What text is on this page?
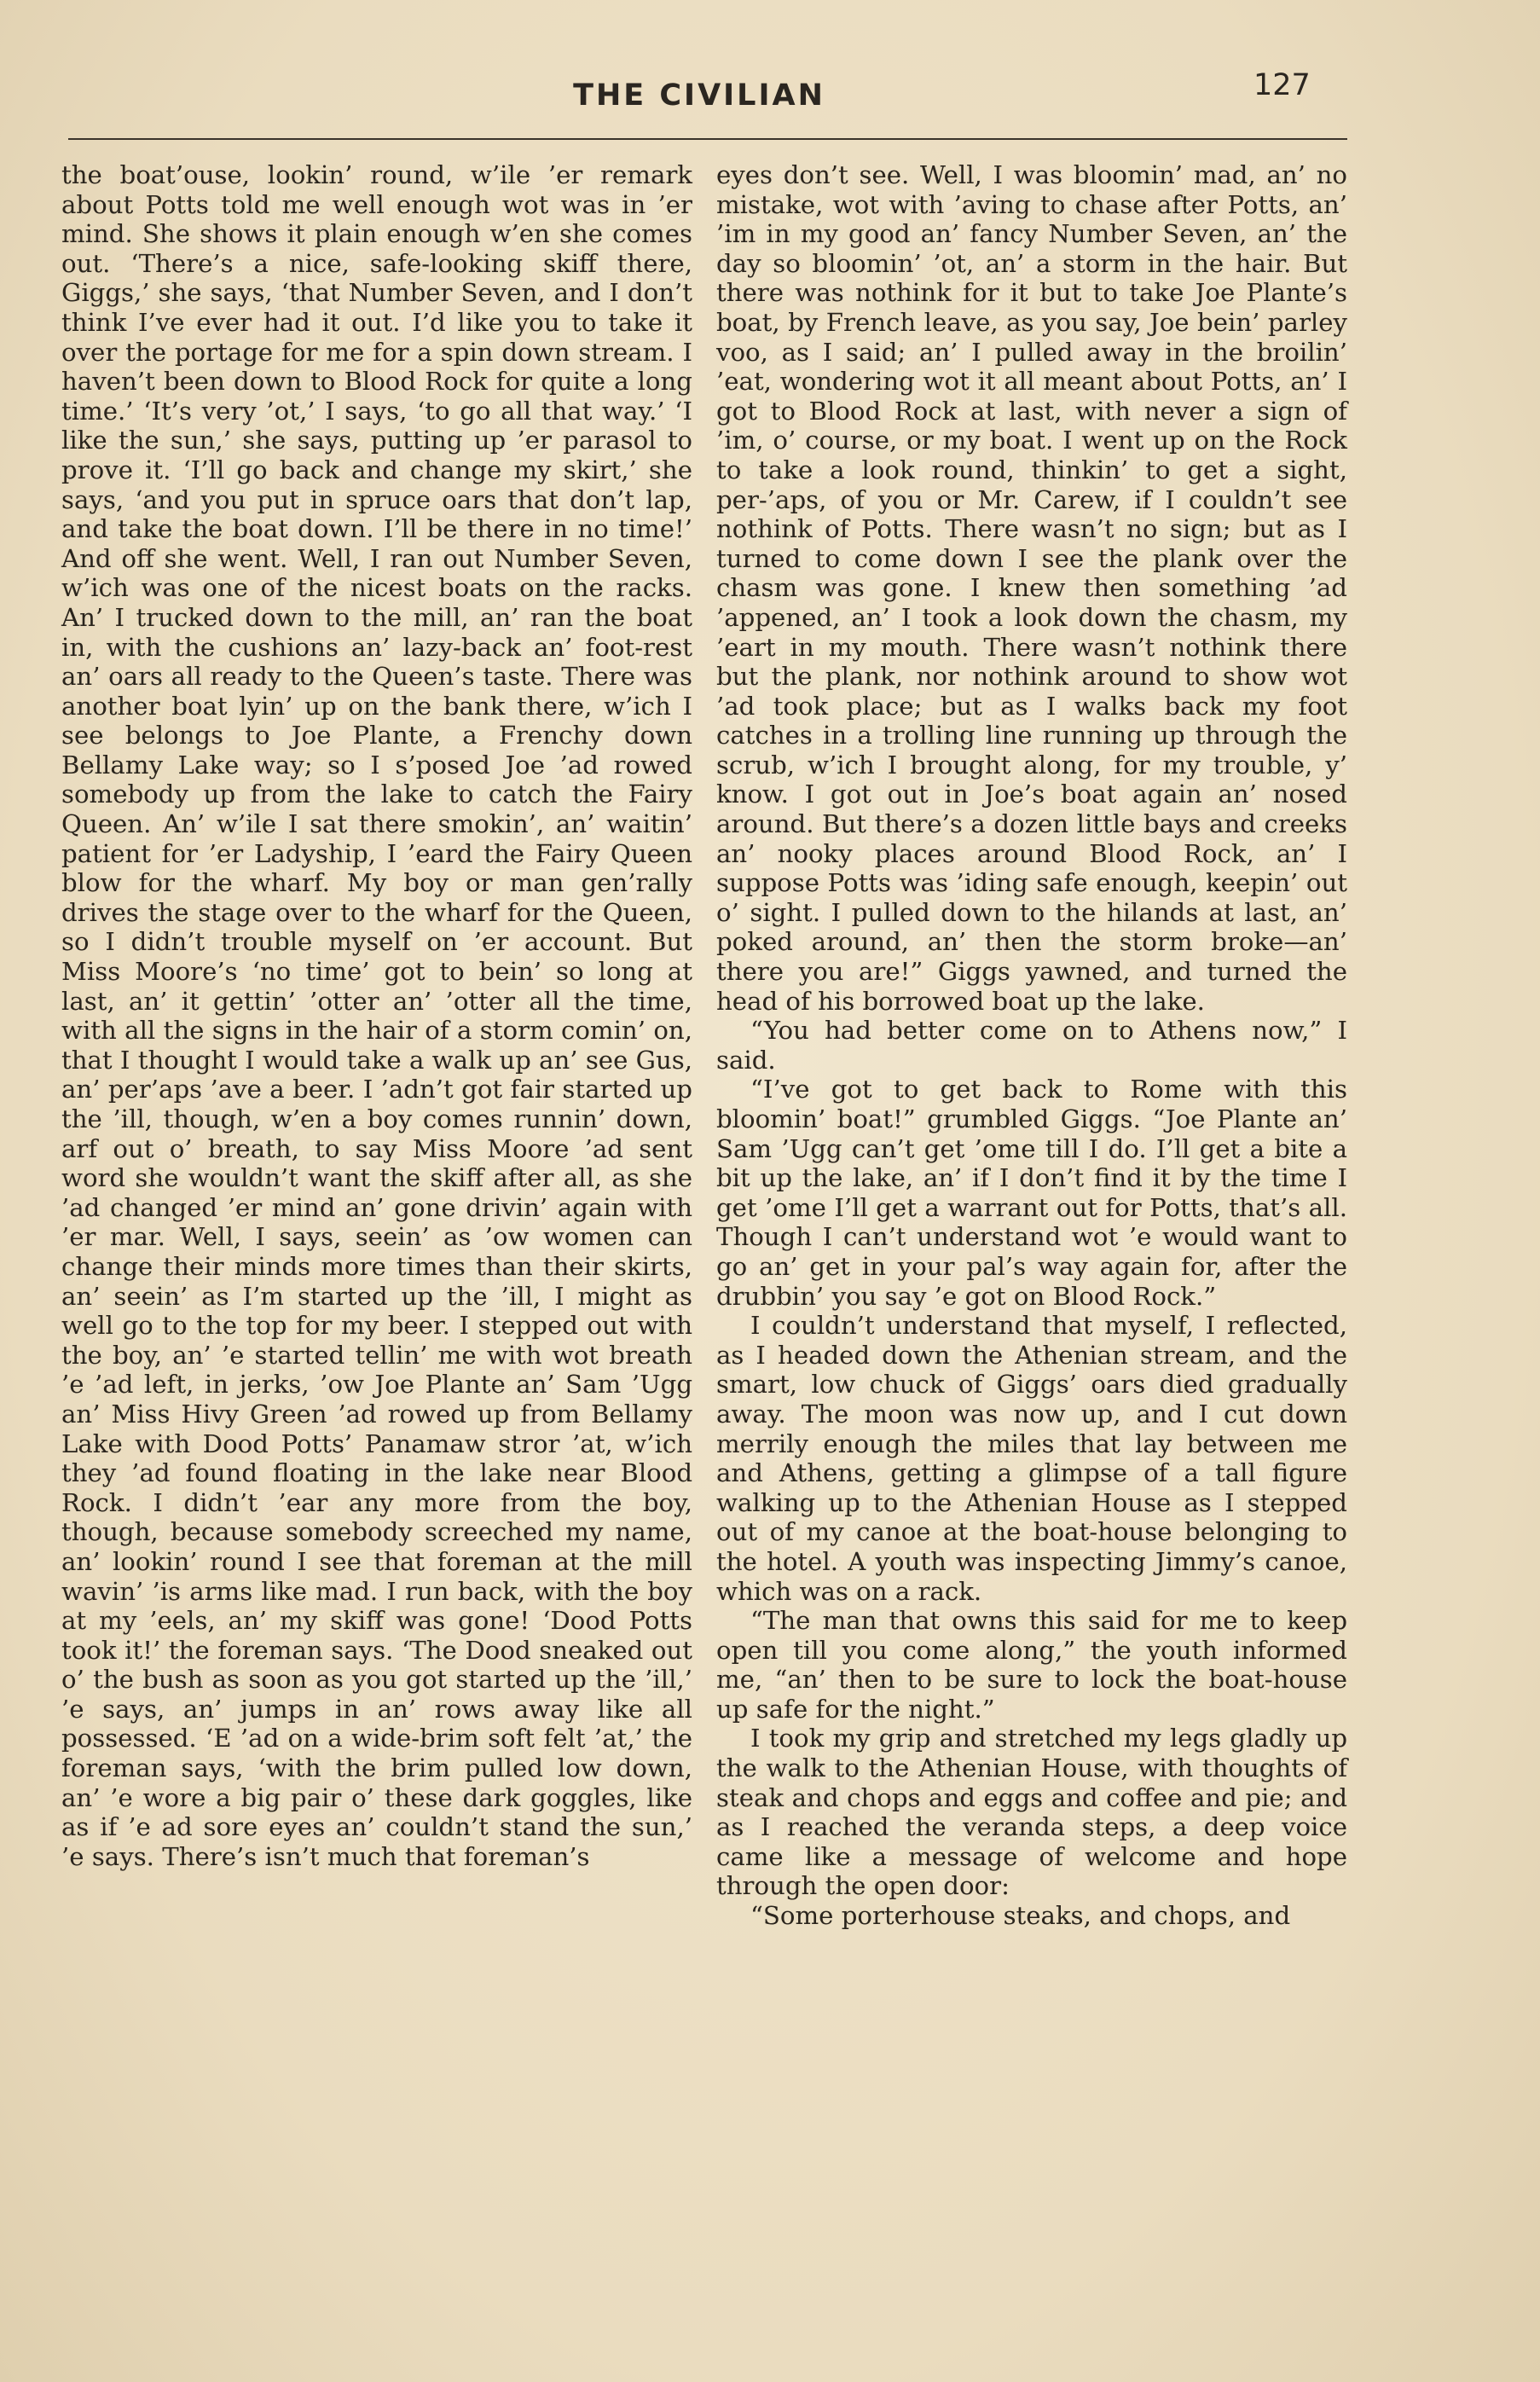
THE CIVILIAN	127

the boat’ouse, lookin’ round, w’ile ’er remark about Potts told me well enough wot was in ’er mind. She shows it plain enough w’en she comes out. ‘There’s a nice, safe-looking skiff there, Giggs,’ she says, ‘that Number Seven, and I don’t think I’ve ever had it out. I’d like you to take it over the portage for me for a spin down stream. I haven’t been down to Blood Rock for quite a long time.’ ‘It’s very ’ot,’ I says, ‘to go all that way.’ ‘I like the sun,’ she says, putting up ’er parasol to prove it. ‘I’ll go back and change my skirt,’ she says, ‘and you put in spruce oars that don’t lap, and take the boat down. I’ll be there in no time!’ And off she went. Well, I ran out Number Seven, w’ich was one of the nicest boats on the racks. An’ I trucked down to the mill, an’ ran the boat in, with the cushions an’ lazy-back an’ foot-rest an’ oars all ready to the Queen’s taste. There was another boat lyin’ up on the bank there, w’ich I see belongs to Joe Plante, a Frenchy down Bellamy Lake way; so I s’posed Joe ’ad rowed somebody up from the lake to catch the Fairy Queen. An’ w’ile I sat there smokin’, an’ waitin’ patient for ’er Ladyship, I ’eard the Fairy Queen blow for the wharf. My boy or man gen’rally drives the stage over to the wharf for the Queen, so I didn’t trouble myself on ’er account. But Miss Moore’s ‘no time’ got to bein’ so long at last, an’ it gettin’ ’otter an’ ’otter all the time, with all the signs in the hair of a storm comin’ on, that I thought I would take a walk up an’ see Gus, an’ per’aps ’ave a beer. I ’adn’t got fair started up the ’ill, though, w’en a boy comes runnin’ down, arf out o’ breath, to say Miss Moore ’ad sent word she wouldn’t want the skiff after all, as she ’ad changed ’er mind an’ gone drivin’ again with ’er mar. Well, I says, seein’ as ’ow women can change their minds more times than their skirts, an’ seein’ as I’m started up the ’ill, I might as well go to the top for my beer. I stepped out with the boy, an’ ’e started tellin’ me with wot breath ’e ’ad left, in jerks, ’ow Joe Plante an’ Sam ’Ugg an’ Miss Hivy Green ’ad rowed up from Bellamy Lake with Dood Potts’ Panamaw stror ’at, w’ich they ’ad found floating in the lake near Blood Rock. I didn’t ’ear any more from the boy, though, because somebody screeched my name, an’ lookin’ round I see that foreman at the mill wavin’ ’is arms like mad. I run back, with the boy at my ’eels, an’ my skiff was gone! ‘Dood Potts took it!’ the foreman says. ‘The Dood sneaked out o’ the bush as soon as you got started up the ’ill,’ ’e says, an’ jumps in an’ rows away like all possessed. ‘E ’ad on a wide-brim soft felt ’at,’ the foreman says, ‘with the brim pulled low down, an’ ’e wore a big pair o’ these dark goggles, like as if ’e ad sore eyes an’ couldn’t stand the sun,’ ’e says. There’s isn’t much that foreman’s

eyes don’t see. Well, I was bloomin’ mad, an’ no mistake, wot with ’aving to chase after Potts, an’ ’im in my good an’ fancy Number Seven, an’ the day so bloomin’ ’ot, an’ a storm in the hair. But there was nothink for it but to take Joe Plante’s boat, by French leave, as you say, Joe bein’ parley voo, as I said; an’ I pulled away in the broilin’ ’eat, wondering wot it all meant about Potts, an’ I got to Blood Rock at last, with never a sign of ’im, o’ course, or my boat. I went up on the Rock to take a look round, thinkin’ to get a sight, per-’aps, of you or Mr. Carew, if I couldn’t see nothink of Potts. There wasn’t no sign; but as I turned to come down I see the plank over the chasm was gone. I knew then something ’ad ’appened, an’ I took a look down the chasm, my ’eart in my mouth. There wasn’t nothink there but the plank, nor nothink around to show wot ’ad took place; but as I walks back my foot catches in a trolling line running up through the scrub, w’ich I brought along, for my trouble, y’ know. I got out in Joe’s boat again an’ nosed around. But there’s a dozen little bays and creeks an’ nooky places around Blood Rock, an’ I suppose Potts was ’iding safe enough, keepin’ out o’ sight. I pulled down to the hilands at last, an’ poked around, an’ then the storm broke—an’ there you are!” Giggs yawned, and turned the head of his borrowed boat up the lake.

“You had better come on to Athens now,” I said.

“I’ve got to get back to Rome with this bloomin’ boat!” grumbled Giggs. “Joe Plante an’ Sam ’Ugg can’t get ’ome till I do. I’ll get a bite a bit up the lake, an’ if I don’t find it by the time I get ’ome I’ll get a warrant out for Potts, that’s all. Though I can’t understand wot ’e would want to go an’ get in your pal’s way again for, after the drubbin’ you say ’e got on Blood Rock.”

I couldn’t understand that myself, I reflected, as I headed down the Athenian stream, and the smart, low chuck of Giggs’ oars died gradually away. The moon was now up, and I cut down merrily enough the miles that lay between me and Athens, getting a glimpse of a tall figure walking up to the Athenian House as I stepped out of my canoe at the boat-house belonging to the hotel. A youth was inspecting Jimmy’s canoe, which was on a rack.

“The man that owns this said for me to keep open till you come along,” the youth informed me, “an’ then to be sure to lock the boat-house up safe for the night.”

I took my grip and stretched my legs gladly up the walk to the Athenian House, with thoughts of steak and chops and eggs and coffee and pie; and as I reached the veranda steps, a deep voice came like a message of welcome and hope through the open door:

“Some porterhouse steaks, and chops, and
